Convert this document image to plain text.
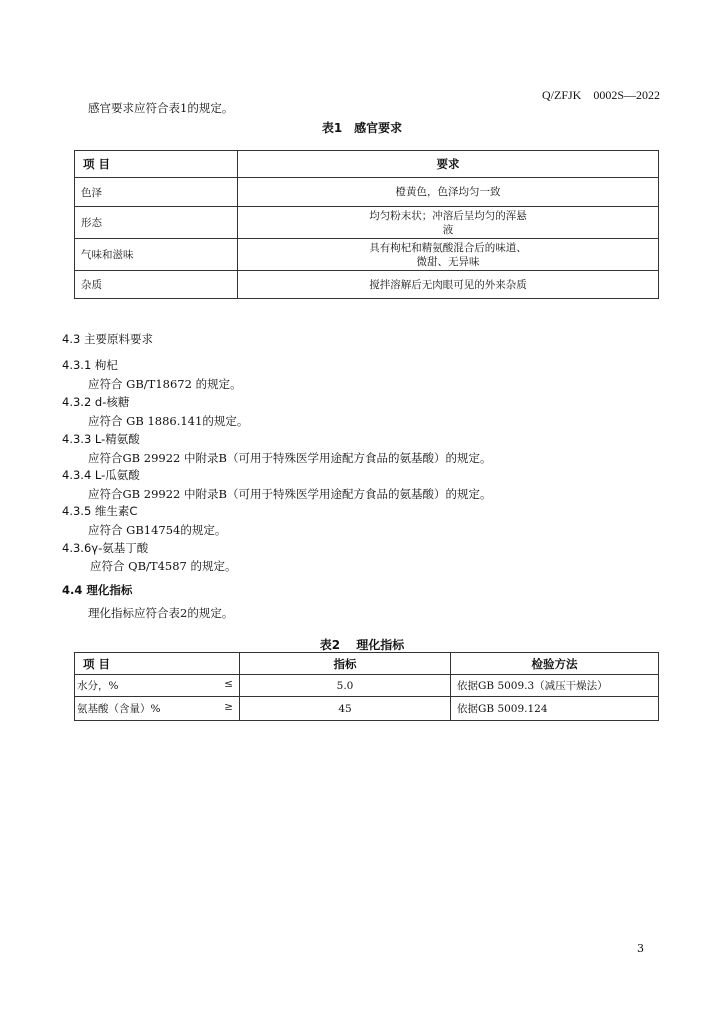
Q/ZFJK　0002S—2022
感官要求应符合表1的规定。
表1　感官要求
项 目	要求
色泽	橙黄色，色泽均匀一致
形态	均匀粉末状；冲溶后呈均匀的浑悬
液
气味和滋味	具有枸杞和精氨酸混合后的味道、
微甜、无异味
杂质	搅拌溶解后无肉眼可见的外来杂质
4.3 主要原料要求
4.3.1 枸杞
应符合 GB/T18672 的规定。
4.3.2 d-核糖
应符合 GB 1886.141的规定。
4.3.3 L-精氨酸
应符合GB 29922 中附录B（可用于特殊医学用途配方食品的氨基酸）的规定。
4.3.4 L-瓜氨酸
应符合GB 29922 中附录B（可用于特殊医学用途配方食品的氨基酸）的规定。
4.3.5 维生素C
应符合 GB14754的规定。
4.3.6γ-氨基丁酸
应符合 QB/T4587 的规定。
4.4 理化指标
理化指标应符合表2的规定。
表2　 理化指标
项 目	指标	检验方法
水分，% ≤	5.0	依据GB 5009.3（减压干燥法）
氨基酸（含量）% ≥	45	依据GB 5009.124
3
